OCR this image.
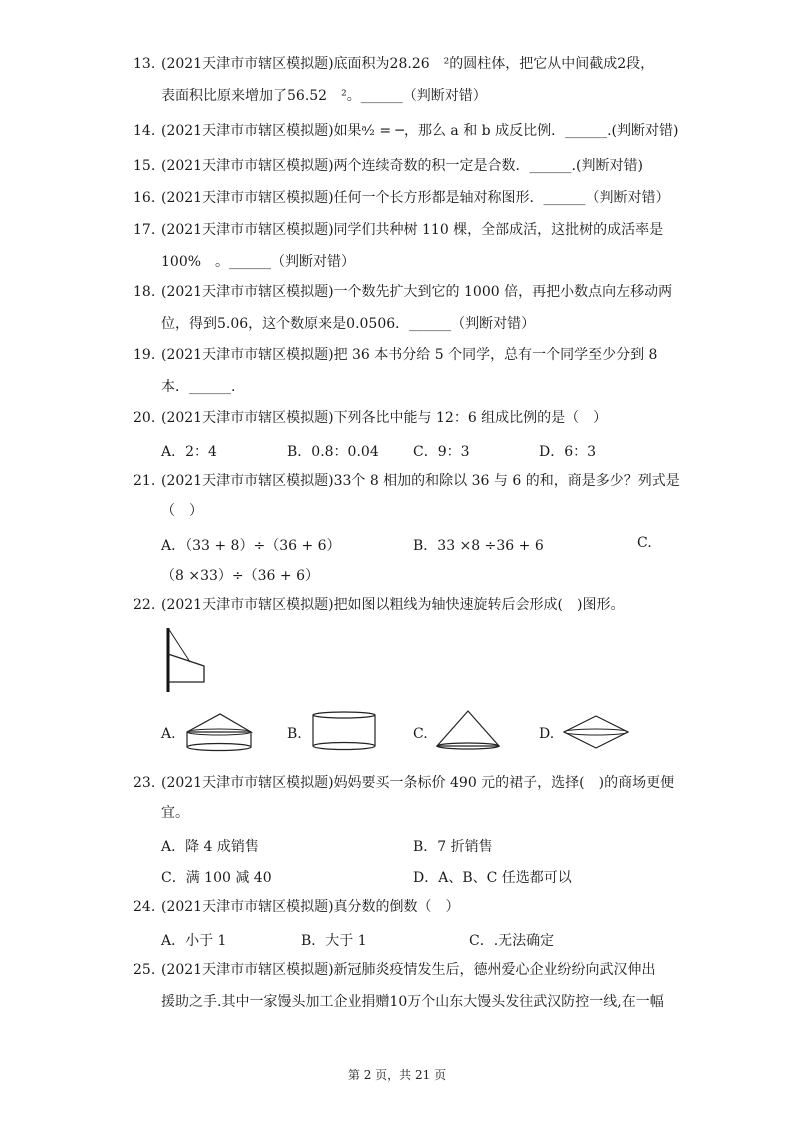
13. (2021天津市市辖区模拟题)底面积为28.26　²的圆柱体，把它从中间截成2段，
表面积比原来增加了56.52　²。______（判断对错）
14. (2021天津市市辖区模拟题)如果ᵃ⁄₂ = ─，那么 a 和 b 成反比例．______.(判断对错)
15. (2021天津市市辖区模拟题)两个连续奇数的积一定是合数．______.(判断对错)
16. (2021天津市市辖区模拟题)任何一个长方形都是轴对称图形．______（判断对错）
17. (2021天津市市辖区模拟题)同学们共种树 110 棵，全部成活，这批树的成活率是
100%　。______（判断对错）
18. (2021天津市市辖区模拟题)一个数先扩大到它的 1000 倍，再把小数点向左移动两
位，得到5.06，这个数原来是0.0506．______（判断对错）
19. (2021天津市市辖区模拟题)把 36 本书分给 5 个同学，总有一个同学至少分到 8
本．______.
20. (2021天津市市辖区模拟题)下列各比中能与 12：6 组成比例的是（　）
A．2：4	B．0.8：0.04 C．9：3	D．6：3
21. (2021天津市市辖区模拟题)33个 8 相加的和除以 36 与 6 的和，商是多少？列式是
（　）
A．（33 + 8）÷（36 + 6）	B．33 ×8 ÷36 + 6	C.
（8 ×33）÷（36 + 6）
22. (2021天津市市辖区模拟题)把如图以粗线为轴快速旋转后会形成(　)图形。
A.	B.	C.	D.
23. (2021天津市市辖区模拟题)妈妈要买一条标价 490 元的裙子，选择(　)的商场更便
宜。
A．降 4 成销售	B．7 折销售
C．满 100 减 40	D．A、B、C 任选都可以
24. (2021天津市市辖区模拟题)真分数的倒数（　）
A．小于 1	B．大于 1	C．.无法确定
25. (2021天津市市辖区模拟题)新冠肺炎疫情发生后，德州爱心企业纷纷向武汉伸出
援助之手.其中一家馒头加工企业捐赠10万个山东大馒头发往武汉防控一线,在一幅
第 2 页，共 21 页
